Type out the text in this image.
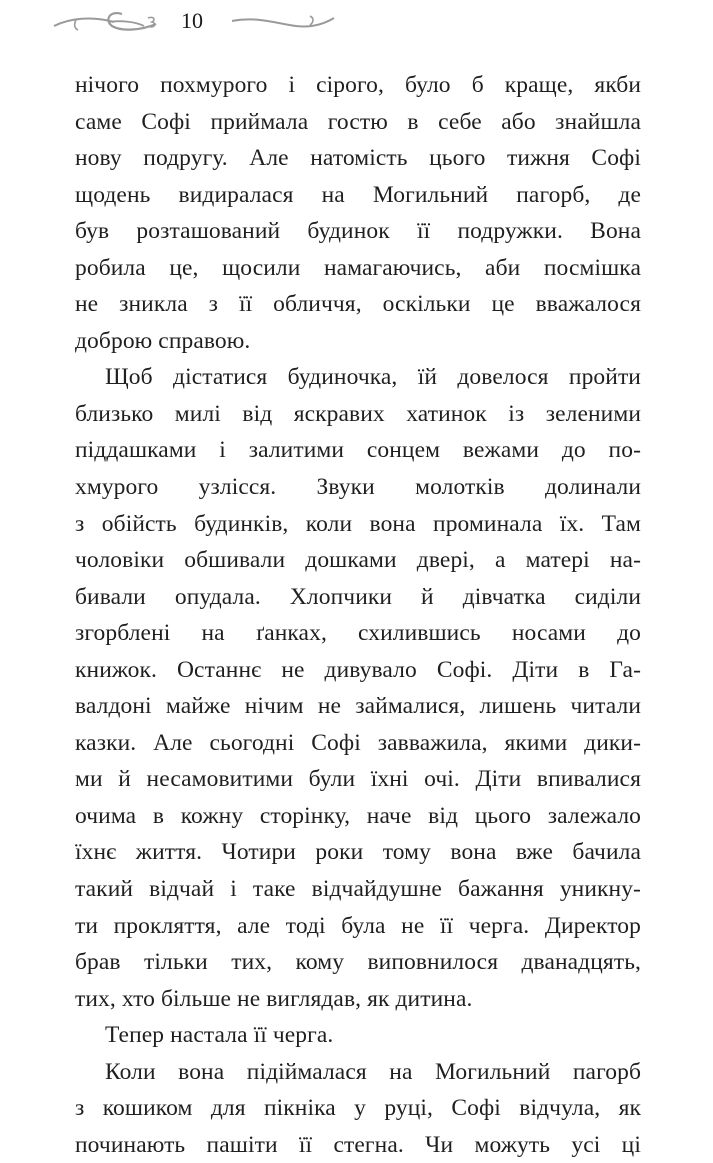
10
нічого похмурого і сірого, було б краще, якби
саме Софі приймала гостю в себе або знайшла
нову подругу. Але натомість цього тижня Софі
щодень видиралася на Могильний пагорб, де
був розташований будинок її подружки. Вона
робила це, щосили намагаючись, аби посмішка
не зникла з її обличчя, оскільки це вважалося
доброю справою.
Щоб дістатися будиночка, їй довелося пройти
близько милі від яскравих хатинок із зеленими
піддашками і залитими сонцем вежами до по-
хмурого узлісся. Звуки молотків долинали
з обійсть будинків, коли вона проминала їх. Там
чоловіки обшивали дошками двері, а матері на-
бивали опудала. Хлопчики й дівчатка сиділи
згорблені на ґанках, схилившись носами до
книжок. Останнє не дивувало Софі. Діти в Га-
валдоні майже нічим не займалися, лишень читали
казки. Але сьогодні Софі завважила, якими дики-
ми й несамовитими були їхні очі. Діти впивалися
очима в кожну сторінку, наче від цього залежало
їхнє життя. Чотири роки тому вона вже бачила
такий відчай і таке відчайдушне бажання уникну-
ти прокляття, але тоді була не її черга. Директор
брав тільки тих, кому виповнилося дванадцять,
тих, хто більше не виглядав, як дитина.
Тепер настала її черга.
Коли вона підіймалася на Могильний пагорб
з кошиком для пікніка у руці, Софі відчула, як
починають пашіти її стегна. Чи можуть усі ці
